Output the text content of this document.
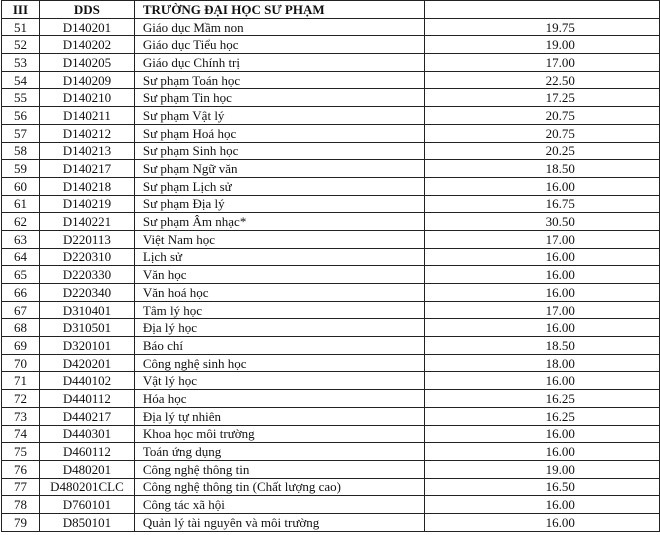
III	DDS	TRƯỜNG ĐẠI HỌC SƯ PHẠM	
51	D140201	Giáo dục Mầm non	19.75
52	D140202	Giáo dục Tiểu học	19.00
53	D140205	Giáo dục Chính trị	17.00
54	D140209	Sư phạm Toán học	22.50
55	D140210	Sư phạm Tin học	17.25
56	D140211	Sư phạm Vật lý	20.75
57	D140212	Sư phạm Hoá học	20.75
58	D140213	Sư phạm Sinh học	20.25
59	D140217	Sư phạm Ngữ văn	18.50
60	D140218	Sư phạm Lịch sử	16.00
61	D140219	Sư phạm Địa lý	16.75
62	D140221	Sư phạm Âm nhạc*	30.50
63	D220113	Việt Nam học	17.00
64	D220310	Lịch sử	16.00
65	D220330	Văn học	16.00
66	D220340	Văn hoá học	16.00
67	D310401	Tâm lý học	17.00
68	D310501	Địa lý học	16.00
69	D320101	Báo chí	18.50
70	D420201	Công nghệ sinh học	18.00
71	D440102	Vật lý học	16.00
72	D440112	Hóa học	16.25
73	D440217	Địa lý tự nhiên	16.25
74	D440301	Khoa học môi trường	16.00
75	D460112	Toán ứng dụng	16.00
76	D480201	Công nghệ thông tin	19.00
77	D480201CLC	Công nghệ thông tin (Chất lượng cao)	16.50
78	D760101	Công tác xã hội	16.00
79	D850101	Quản lý tài nguyên và môi trường	16.00
